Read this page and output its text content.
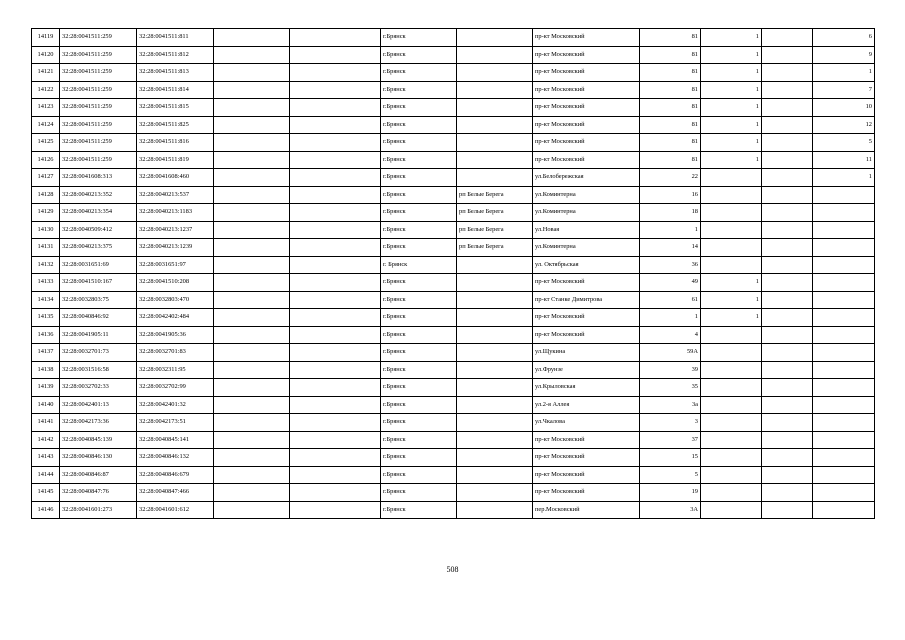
14119	32:28:0041511:259	32:28:0041511:811			г.Брянск		пр-кт Московский	81	1		6
14120	32:28:0041511:259	32:28:0041511:812			г.Брянск		пр-кт Московский	81	1		9
14121	32:28:0041511:259	32:28:0041511:813			г.Брянск		пр-кт Московский	81	1		1
14122	32:28:0041511:259	32:28:0041511:814			г.Брянск		пр-кт Московский	81	1		7
14123	32:28:0041511:259	32:28:0041511:815			г.Брянск		пр-кт Московский	81	1		10
14124	32:28:0041511:259	32:28:0041511:825			г.Брянск		пр-кт Московский	81	1		12
14125	32:28:0041511:259	32:28:0041511:816			г.Брянск		пр-кт Московский	81	1		5
14126	32:28:0041511:259	32:28:0041511:819			г.Брянск		пр-кт Московский	81	1		11
14127	32:28:0041608:313	32:28:0041608:460			г.Брянск		ул.Белобережская	22			1
14128	32:28:0040213:352	32:28:0040213:537			г.Брянск	рп Белые Берега	ул.Коминтерна	16			
14129	32:28:0040213:354	32:28:0040213:1183			г.Брянск	рп Белые Берега	ул.Коминтерна	18			
14130	32:28:0040509:412	32:28:0040213:1237			г.Брянск	рп Белые Берега	ул.Новая	1			
14131	32:28:0040213:375	32:28:0040213:1239			г.Брянск	рп Белые Берега	ул.Коминтерна	14			
14132	32:28:0031651:69	32:28:0031651:97			г. Брянск		ул. Октябрьская	36			
14133	32:28:0041510:167	32:28:0041510:208			г.Брянск		пр-кт Московский	49	1		
14134	32:28:0032803:75	32:28:0032803:470			г.Брянск		пр-кт Станке Димитрова	61	1		
14135	32:28:0040846:92	32:28:0042402:484			г.Брянск		пр-кт Московский	1	1		
14136	32:28:0041905:11	32:28:0041905:36			г.Брянск		пр-кт Московский	4			
14137	32:28:0032701:73	32:28:0032701:83			г.Брянск		ул.Щукина	59А			
14138	32:28:0031516:58	32:28:0032311:95			г.Брянск		ул.Фрунзе	39			
14139	32:28:0032702:33	32:28:0032702:99			г.Брянск		ул.Крыловская	35			
14140	32:28:0042401:13	32:28:0042401:32			г.Брянск		ул.2-я Аллея	3а			
14141	32:28:0042173:36	32:28:0042173:51			г.Брянск		ул.Чкалова	3			
14142	32:28:0040845:139	32:28:0040845:141			г.Брянск		пр-кт Московский	37			
14143	32:28:0040846:130	32:28:0040846:132			г.Брянск		пр-кт Московский	15			
14144	32:28:0040846:87	32:28:0040846:679			г.Брянск		пр-кт Московский	5			
14145	32:28:0040847:76	32:28:0040847:466			г.Брянск		пр-кт Московский	19			
14146	32:28:0041601:273	32:28:0041601:612			г.Брянск		пер.Московский	3А			
508
